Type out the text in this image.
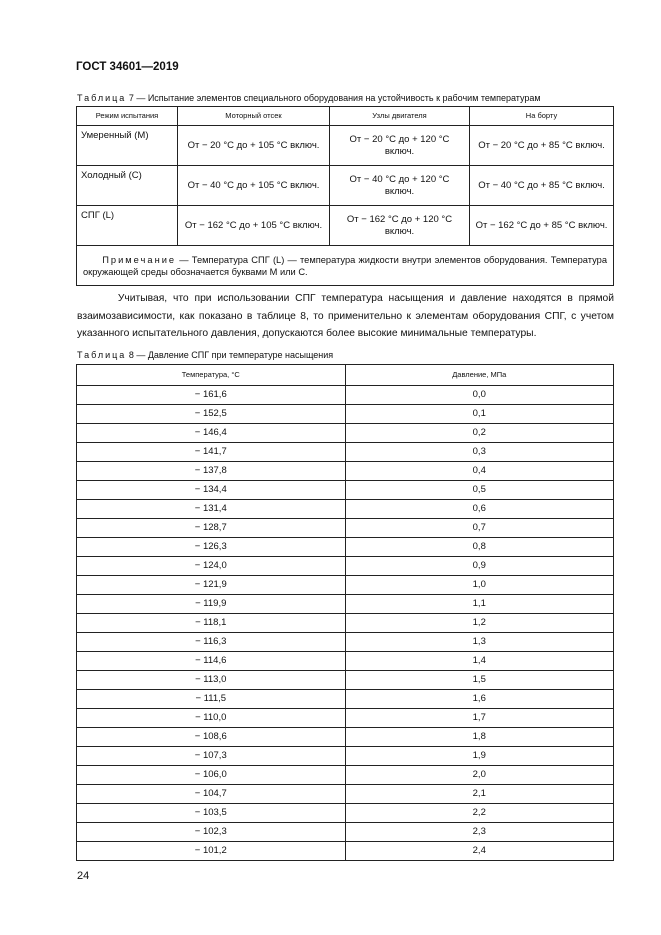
ГОСТ 34601—2019
Таблица 7 — Испытание элементов специального оборудования на устойчивость к рабочим температурам
Режим испытания	Моторный отсек	Узлы двигателя	На борту
Умеренный (М)	От − 20 °С до + 105 °С включ.	От − 20 °С до + 120 °С включ.	От − 20 °С до + 85 °С включ.
Холодный (С)	От − 40 °С до + 105 °С включ.	От − 40 °С до + 120 °С включ.	От − 40 °С до + 85 °С включ.
СПГ (L)	От − 162 °С до + 105 °С включ.	От − 162 °С до + 120 °С включ.	От − 162 °С до + 85 °С включ.
Примечание — Температура СПГ (L) — температура жидкости внутри элементов оборудования. Температура окружающей среды обозначается буквами М или С.			
Учитывая, что при использовании СПГ температура насыщения и давление находятся в прямой взаимозависимости, как показано в таблице 8, то применительно к элементам оборудования СПГ, с учетом указанного испытательного давления, допускаются более высокие минимальные температуры.
Таблица 8 — Давление СПГ при температуре насыщения
Температура, °С	Давление, МПа
− 161,6	0,0
− 152,5	0,1
− 146,4	0,2
− 141,7	0,3
− 137,8	0,4
− 134,4	0,5
− 131,4	0,6
− 128,7	0,7
− 126,3	0,8
− 124,0	0,9
− 121,9	1,0
− 119,9	1,1
− 118,1	1,2
− 116,3	1,3
− 114,6	1,4
− 113,0	1,5
− 111,5	1,6
− 110,0	1,7
− 108,6	1,8
− 107,3	1,9
− 106,0	2,0
− 104,7	2,1
− 103,5	2,2
− 102,3	2,3
− 101,2	2,4
24
